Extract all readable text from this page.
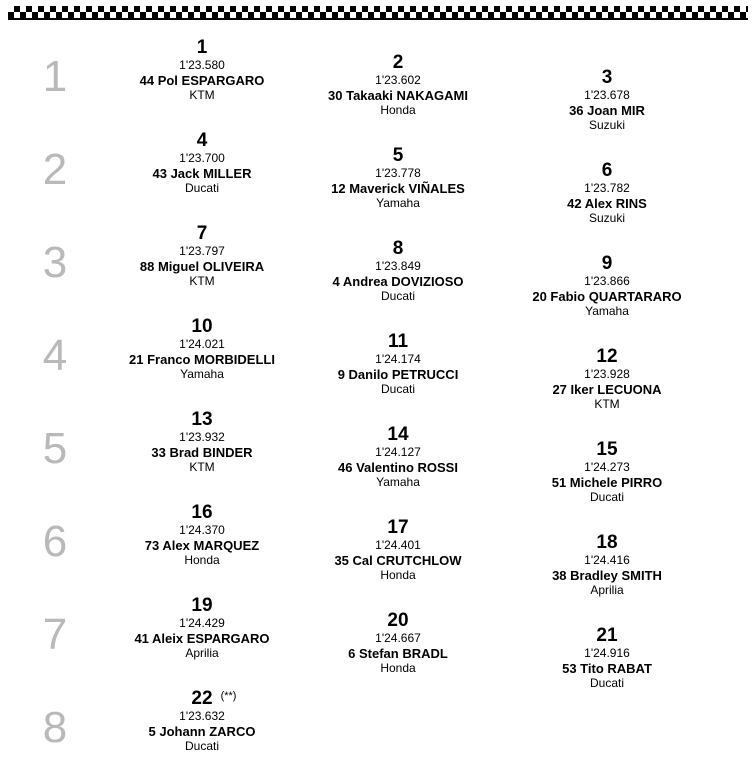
1
2
3
4
5
6
7
8
1
1'23.580
44 Pol ESPARGARO
KTM
2
1'23.602
30 Takaaki NAKAGAMI
Honda
3
1'23.678
36 Joan MIR
Suzuki
4
1'23.700
43 Jack MILLER
Ducati
5
1'23.778
12 Maverick VIÑALES
Yamaha
6
1'23.782
42 Alex RINS
Suzuki
7
1'23.797
88 Miguel OLIVEIRA
KTM
8
1'23.849
4 Andrea DOVIZIOSO
Ducati
9
1'23.866
20 Fabio QUARTARARO
Yamaha
10
1'24.021
21 Franco MORBIDELLI
Yamaha
11
1'24.174
9 Danilo PETRUCCI
Ducati
12
1'23.928
27 Iker LECUONA
KTM
13
1'23.932
33 Brad BINDER
KTM
14
1'24.127
46 Valentino ROSSI
Yamaha
15
1'24.273
51 Michele PIRRO
Ducati
16
1'24.370
73 Alex MARQUEZ
Honda
17
1'24.401
35 Cal CRUTCHLOW
Honda
18
1'24.416
38 Bradley SMITH
Aprilia
19
1'24.429
41 Aleix ESPARGARO
Aprilia
20
1'24.667
6 Stefan BRADL
Honda
21
1'24.916
53 Tito RABAT
Ducati
22 (**)
1'23.632
5 Johann ZARCO
Ducati
